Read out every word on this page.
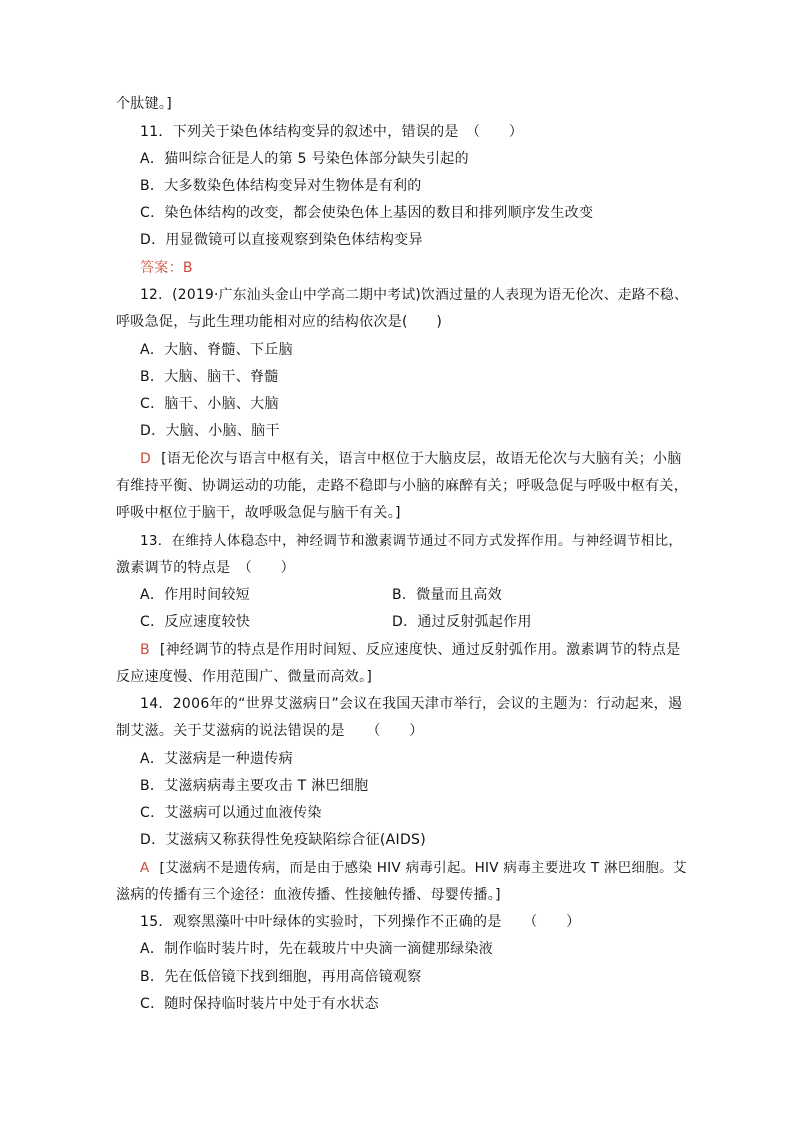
个肽键。]
11．下列关于染色体结构变异的叙述中，错误的是　（　　）
A．猫叫综合征是人的第 5 号染色体部分缺失引起的
B．大多数染色体结构变异对生物体是有利的
C．染色体结构的改变，都会使染色体上基因的数目和排列顺序发生改变
D．用显微镜可以直接观察到染色体结构变异
答案：B
12．(2019·广东汕头金山中学高二期中考试)饮酒过量的人表现为语无伦次、走路不稳、
呼吸急促，与此生理功能相对应的结构依次是(　　)
A．大脑、脊髓、下丘脑
B．大脑、脑干、脊髓
C．脑干、小脑、大脑
D．大脑、小脑、脑干
D [语无伦次与语言中枢有关，语言中枢位于大脑皮层，故语无伦次与大脑有关；小脑
有维持平衡、协调运动的功能，走路不稳即与小脑的麻醉有关；呼吸急促与呼吸中枢有关，
呼吸中枢位于脑干，故呼吸急促与脑干有关。]
13．在维持人体稳态中，神经调节和激素调节通过不同方式发挥作用。与神经调节相比，
激素调节的特点是　（　　）
A．作用时间较短	B．微量而且高效
C．反应速度较快	D．通过反射弧起作用
B [神经调节的特点是作用时间短、反应速度快、通过反射弧作用。激素调节的特点是
反应速度慢、作用范围广、微量而高效。]
14．2006年的“世界艾滋病日”会议在我国天津市举行，会议的主题为：行动起来，遏
制艾滋。关于艾滋病的说法错误的是　　（　　）
A．艾滋病是一种遗传病
B．艾滋病病毒主要攻击 T 淋巴细胞
C．艾滋病可以通过血液传染
D．艾滋病又称获得性免疫缺陷综合征(AIDS)
A [艾滋病不是遗传病，而是由于感染 HIV 病毒引起。HIV 病毒主要进攻 T 淋巴细胞。艾
滋病的传播有三个途径：血液传播、性接触传播、母婴传播。]
15．观察黑藻叶中叶绿体的实验时，下列操作不正确的是　　（　　）
A．制作临时装片时，先在载玻片中央滴一滴健那绿染液
B．先在低倍镜下找到细胞，再用高倍镜观察
C．随时保持临时装片中处于有水状态
